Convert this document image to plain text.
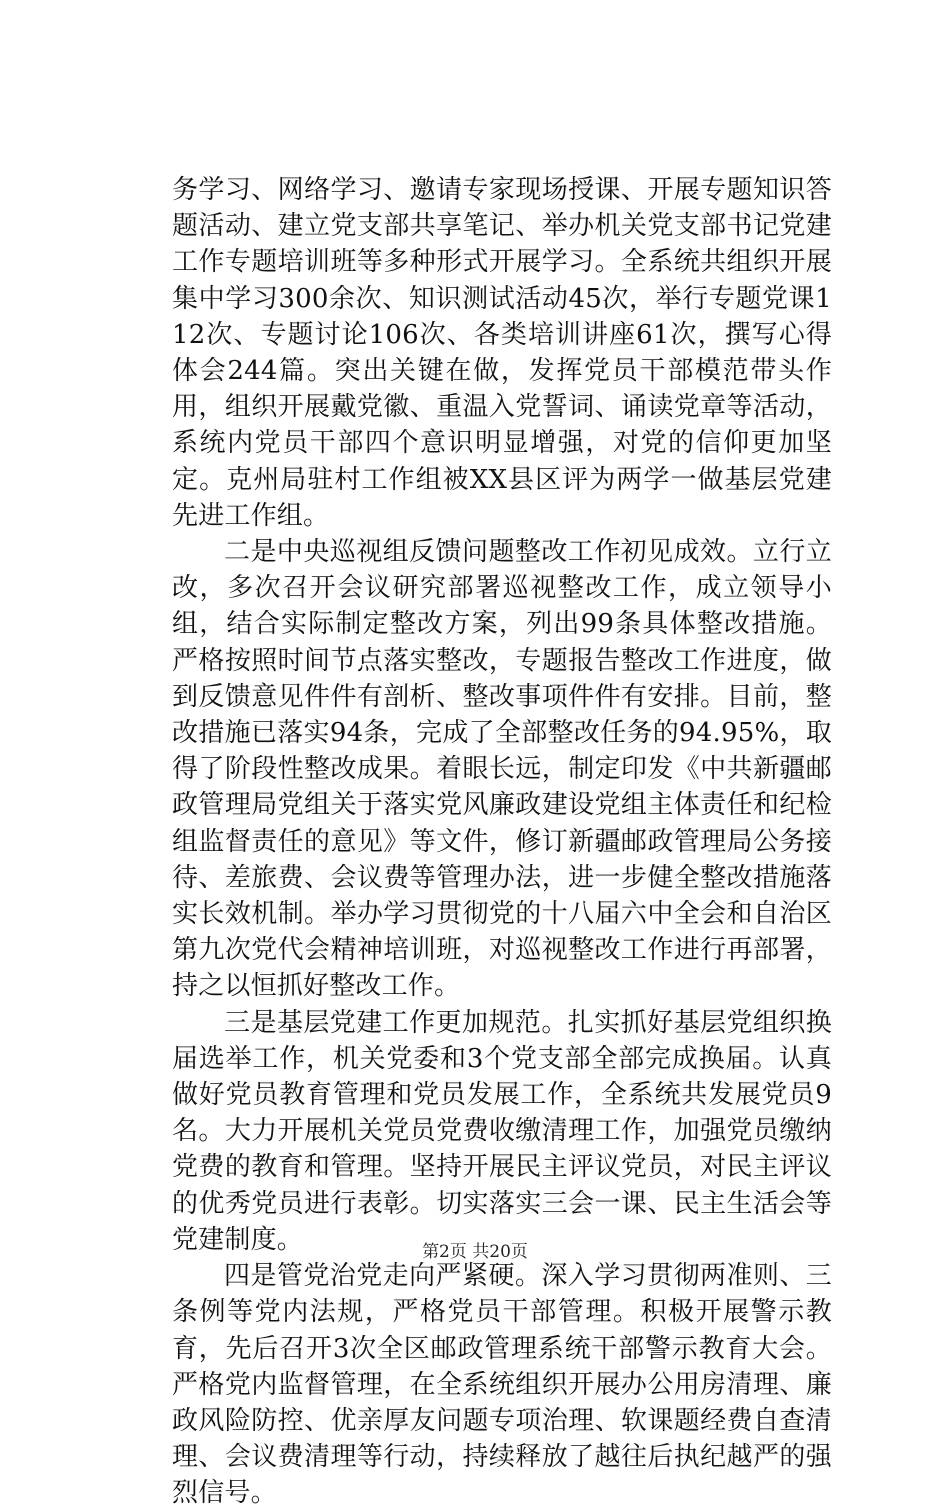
务学习、网络学习、邀请专家现场授课、开展专题知识答题活动、建立党支部共享笔记、举办机关党支部书记党建工作专题培训班等多种形式开展学习。全系统共组织开展集中学习300余次、知识测试活动45次，举行专题党课112次、专题讨论106次、各类培训讲座61次，撰写心得体会244篇。突出关键在做，发挥党员干部模范带头作用，组织开展戴党徽、重温入党誓词、诵读党章等活动，系统内党员干部四个意识明显增强，对党的信仰更加坚定。克州局驻村工作组被XX县区评为两学一做基层党建先进工作组。

二是中央巡视组反馈问题整改工作初见成效。立行立改，多次召开会议研究部署巡视整改工作，成立领导小组，结合实际制定整改方案，列出99条具体整改措施。严格按照时间节点落实整改，专题报告整改工作进度，做到反馈意见件件有剖析、整改事项件件有安排。目前，整改措施已落实94条，完成了全部整改任务的94.95%，取得了阶段性整改成果。着眼长远，制定印发《中共新疆邮政管理局党组关于落实党风廉政建设党组主体责任和纪检组监督责任的意见》等文件，修订新疆邮政管理局公务接待、差旅费、会议费等管理办法，进一步健全整改措施落实长效机制。举办学习贯彻党的十八届六中全会和自治区第九次党代会精神培训班，对巡视整改工作进行再部署，持之以恒抓好整改工作。

三是基层党建工作更加规范。扎实抓好基层党组织换届选举工作，机关党委和3个党支部全部完成换届。认真做好党员教育管理和党员发展工作，全系统共发展党员9名。大力开展机关党员党费收缴清理工作，加强党员缴纳党费的教育和管理。坚持开展民主评议党员，对民主评议的优秀党员进行表彰。切实落实三会一课、民主生活会等党建制度。

四是管党治党走向严紧硬。深入学习贯彻两准则、三条例等党内法规，严格党员干部管理。积极开展警示教育，先后召开3次全区邮政管理系统干部警示教育大会。严格党内监督管理，在全系统组织开展办公用房清理、廉政风险防控、优亲厚友问题专项治理、软课题经费自查清理、会议费清理等行动，持续释放了越往后执纪越严的强烈信号。

第2页 共20页
